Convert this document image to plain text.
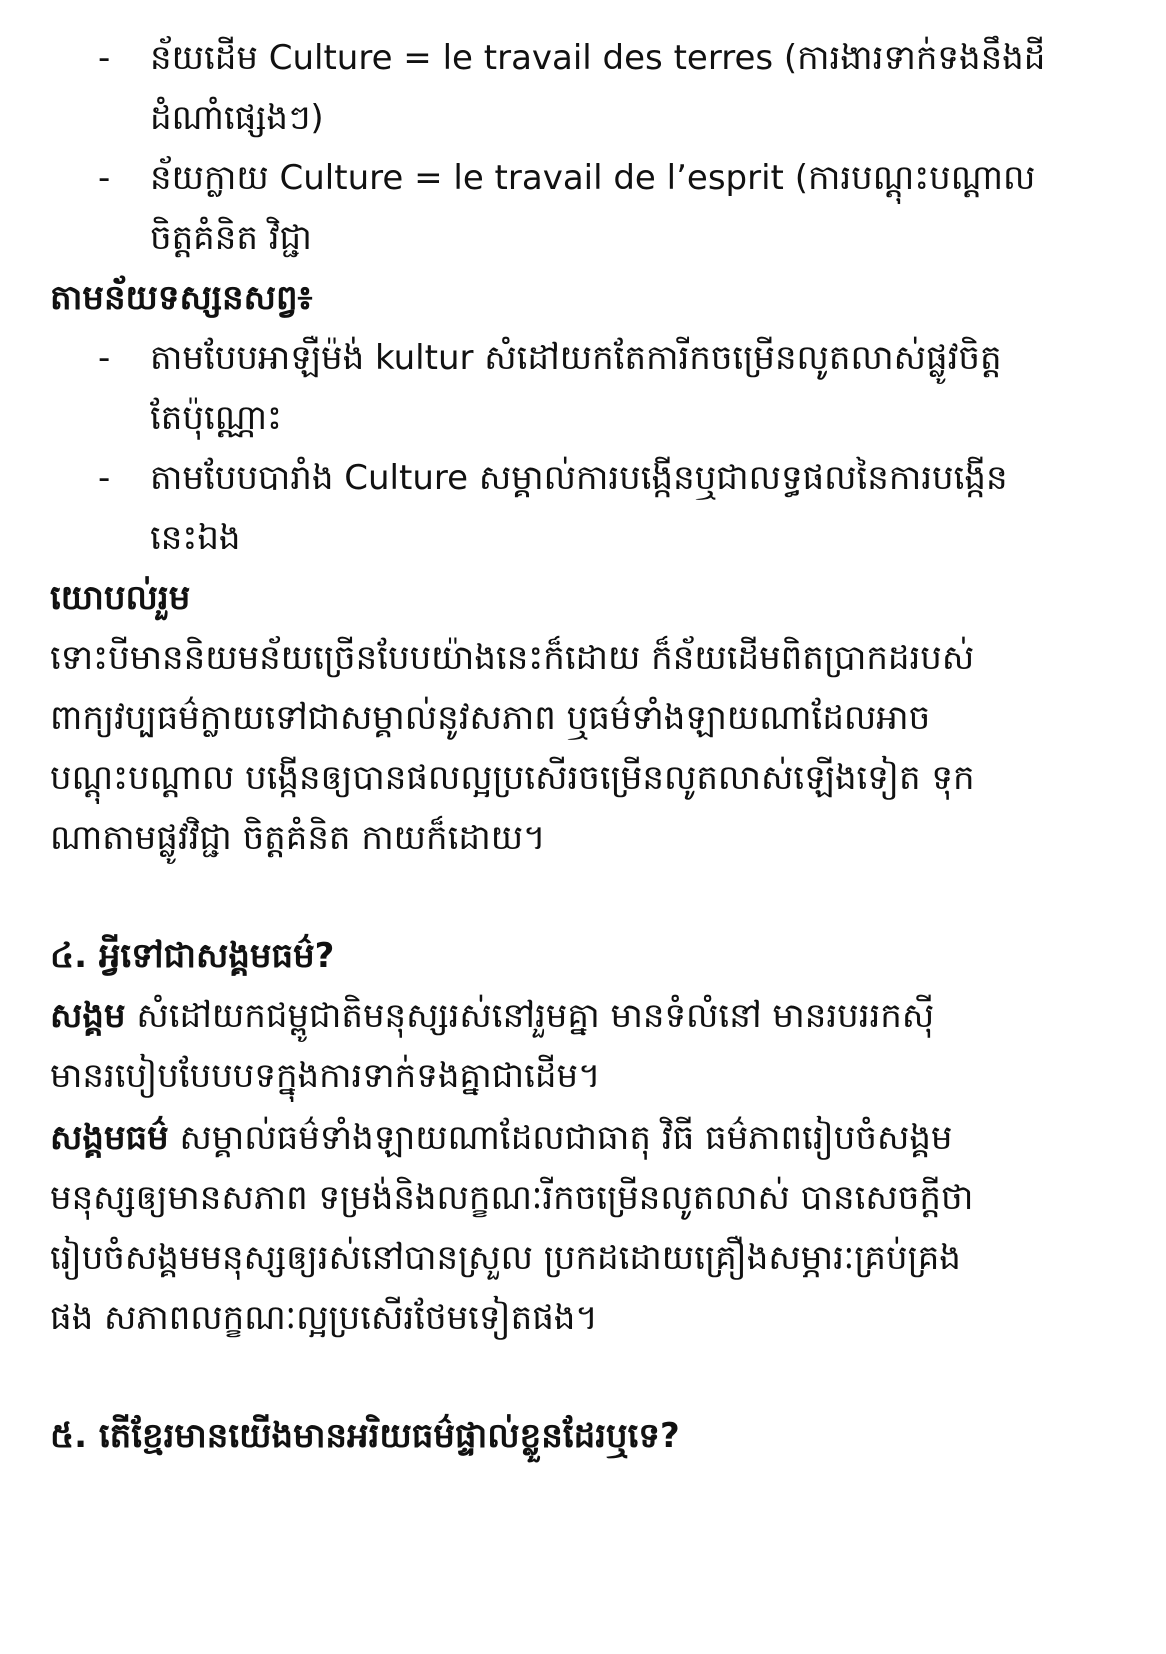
- ន័យដើម Culture = le travail des terres (ការងារទាក់ទងនឹងដី
ដំណាំផ្សេងៗ)
- ន័យក្លាយ Culture = le travail de l’esprit (ការបណ្ដុះបណ្ដាល
ចិត្តគំនិត វិជ្ជា
តាមន័យទស្សនសព្វ៖
- តាមបែបអាឡឺម៉ង់ kultur សំដៅយកតែការីកចម្រើនលូតលាស់ផ្លូវចិត្ត
តែប៉ុណ្ណោះ
- តាមបែបបារាំង Culture សម្គាល់ការបង្កើនឬជាលទ្ធផលនៃការបង្កើន
នេះឯង
យោបល់រួម
ទោះបីមាននិយមន័យច្រើនបែបយ៉ាងនេះក៏ដោយ ក៏ន័យដើមពិតប្រាកដរបស់
ពាក្យវប្បធម៌ក្លាយទៅជាសម្គាល់នូវសភាព ឬធម៌ទាំងឡាយណាដែលអាច
បណ្ដុះបណ្ដាល បង្កើនឲ្យបានផលល្អប្រសើរចម្រើនលូតលាស់ឡើងទៀត ទុក
ណាតាមផ្លូវវិជ្ជា ចិត្តគំនិត កាយក៏ដោយ។
៤. អ្វីទៅជាសង្គមធម៌?
សង្គម សំដៅយកជម្ពូជាតិមនុស្សរស់នៅរួមគ្នា មានទំលំនៅ មានរបររកស៊ី
មានរបៀបបែបបទក្នុងការទាក់ទងគ្នាជាដើម។
សង្គមធម៌ សម្គាល់ធម៌ទាំងឡាយណាដែលជាធាតុ វិធី ធម៌ភាពរៀបចំសង្គម
មនុស្សឲ្យមានសភាព ទម្រង់និងលក្ខណៈរីកចម្រើនលូតលាស់ បានសេចក្ដីថា
រៀបចំសង្គមមនុស្សឲ្យរស់នៅបានស្រួល ប្រកដដោយគ្រឿងសម្ភារៈគ្រប់គ្រង
ផង សភាពលក្ខណៈល្អប្រសើរថែមទៀតផង។
៥. តើខ្មែរមានយើងមានអរិយធម៌ផ្ទាល់ខ្លួនដែរឬទេ?
